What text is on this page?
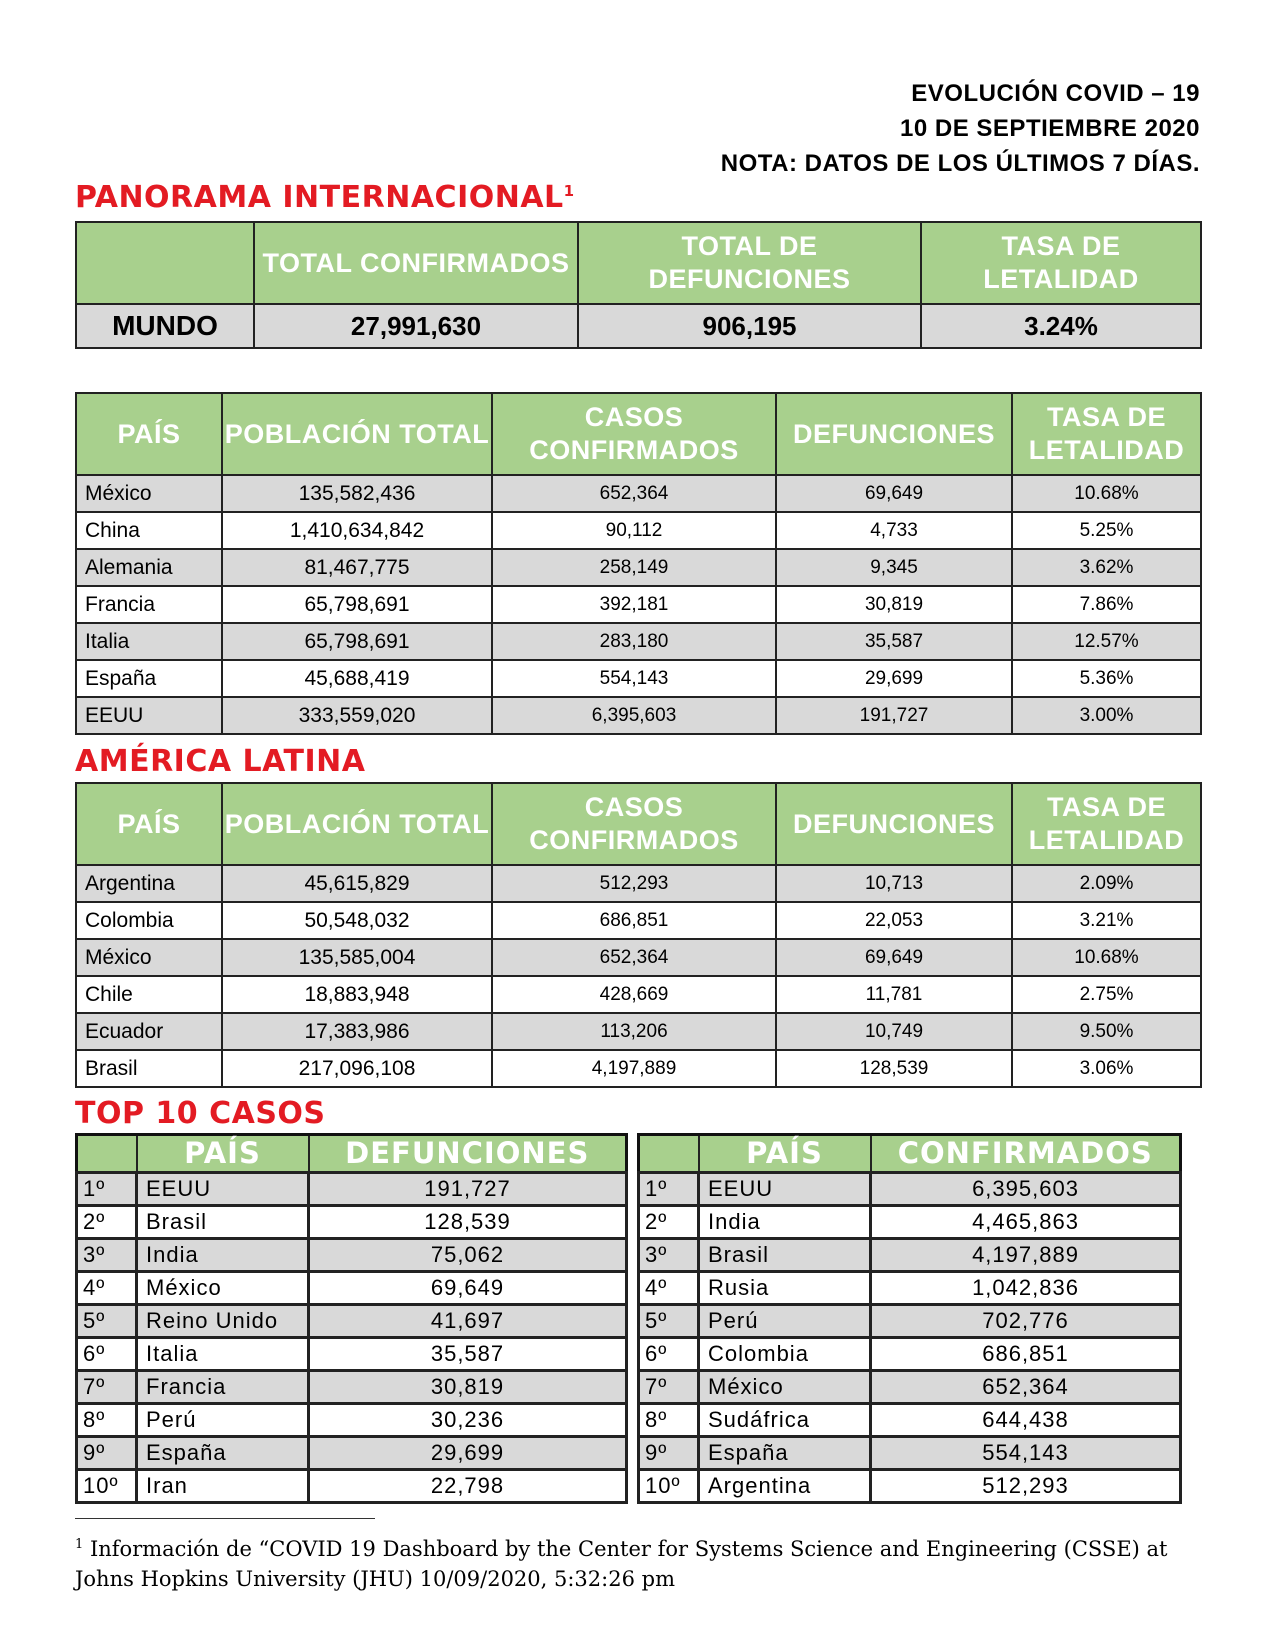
EVOLUCIÓN COVID – 19
10 DE SEPTIEMBRE 2020
NOTA: DATOS DE LOS ÚLTIMOS 7 DÍAS.
PANORAMA INTERNACIONAL$^1$
	TOTAL CONFIRMADOS	TOTAL DE DEFUNCIONES	TASA DE LETALIDAD
MUNDO	27,991,630	906,195	3.24%
PAÍS	POBLACIÓN TOTAL	CASOS CONFIRMADOS	DEFUNCIONES	TASA DE LETALIDAD
México	135,582,436	652,364	69,649	10.68%
China	1,410,634,842	90,112	4,733	5.25%
Alemania	81,467,775	258,149	9,345	3.62%
Francia	65,798,691	392,181	30,819	7.86%
Italia	65,798,691	283,180	35,587	12.57%
España	45,688,419	554,143	29,699	5.36%
EEUU	333,559,020	6,395,603	191,727	3.00%
AMÉRICA LATINA
PAÍS	POBLACIÓN TOTAL	CASOS CONFIRMADOS	DEFUNCIONES	TASA DE LETALIDAD
Argentina	45,615,829	512,293	10,713	2.09%
Colombia	50,548,032	686,851	22,053	3.21%
México	135,585,004	652,364	69,649	10.68%
Chile	18,883,948	428,669	11,781	2.75%
Ecuador	17,383,986	113,206	10,749	9.50%
Brasil	217,096,108	4,197,889	128,539	3.06%
TOP 10 CASOS
	PAÍS	DEFUNCIONES
1º	EEUU	191,727
2º	Brasil	128,539
3º	India	75,062
4º	México	69,649
5º	Reino Unido	41,697
6º	Italia	35,587
7º	Francia	30,819
8º	Perú	30,236
9º	España	29,699
10º	Iran	22,798
	PAÍS	CONFIRMADOS
1º	EEUU	6,395,603
2º	India	4,465,863
3º	Brasil	4,197,889
4º	Rusia	1,042,836
5º	Perú	702,776
6º	Colombia	686,851
7º	México	652,364
8º	Sudáfrica	644,438
9º	España	554,143
10º	Argentina	512,293
$^1$ Información de “COVID 19 Dashboard by the Center for Systems Science and Engineering (CSSE) at Johns Hopkins University (JHU) 10/09/2020, 5:32:26 pm
